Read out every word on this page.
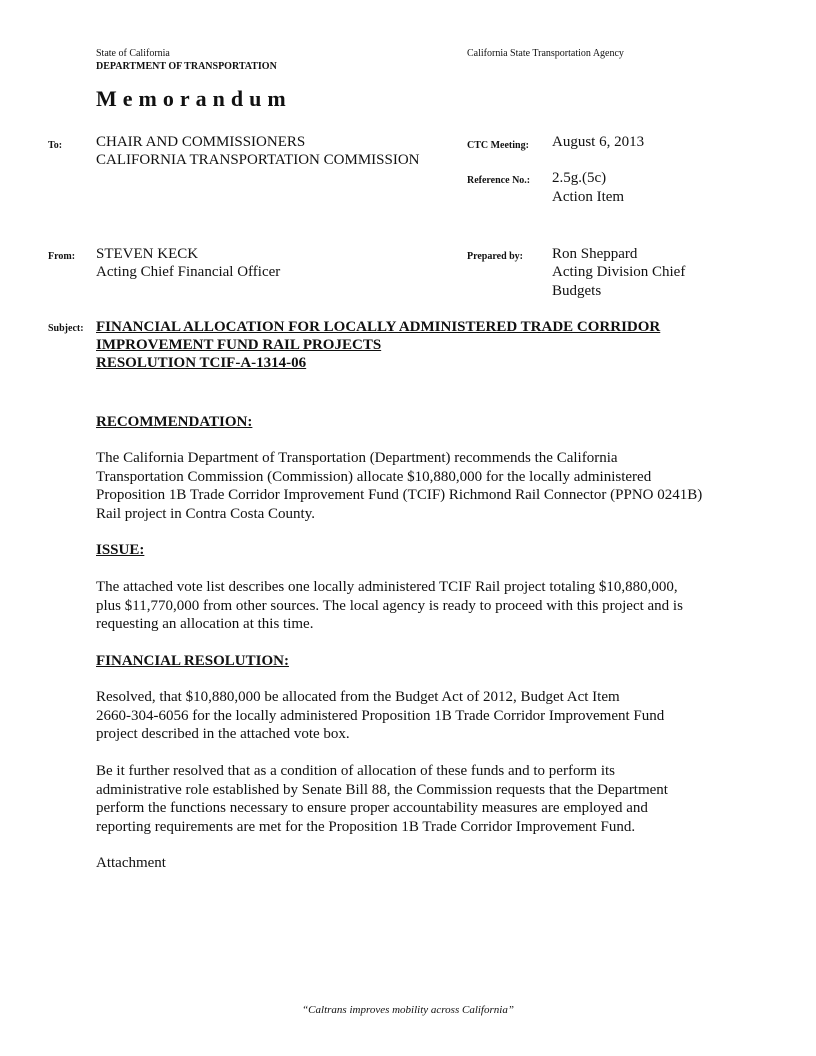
State of California
DEPARTMENT OF TRANSPORTATION
California State Transportation Agency
Memorandum
To: CHAIR AND COMMISSIONERS
CALIFORNIA TRANSPORTATION COMMISSION
CTC Meeting: August 6, 2013
Reference No.: 2.5g.(5c)
Action Item
From: STEVEN KECK
Acting Chief Financial Officer
Prepared by: Ron Sheppard
Acting Division Chief
Budgets
Subject: FINANCIAL ALLOCATION FOR LOCALLY ADMINISTERED TRADE CORRIDOR
IMPROVEMENT FUND RAIL PROJECTS
RESOLUTION TCIF-A-1314-06
RECOMMENDATION:
The California Department of Transportation (Department) recommends the California
Transportation Commission (Commission) allocate $10,880,000 for the locally administered
Proposition 1B Trade Corridor Improvement Fund (TCIF) Richmond Rail Connector (PPNO 0241B)
Rail project in Contra Costa County.
ISSUE:
The attached vote list describes one locally administered TCIF Rail project totaling $10,880,000,
plus $11,770,000 from other sources. The local agency is ready to proceed with this project and is
requesting an allocation at this time.
FINANCIAL RESOLUTION:
Resolved, that $10,880,000 be allocated from the Budget Act of 2012, Budget Act Item
2660-304-6056 for the locally administered Proposition 1B Trade Corridor Improvement Fund
project described in the attached vote box.
Be it further resolved that as a condition of allocation of these funds and to perform its
administrative role established by Senate Bill 88, the Commission requests that the Department
perform the functions necessary to ensure proper accountability measures are employed and
reporting requirements are met for the Proposition 1B Trade Corridor Improvement Fund.
Attachment
“Caltrans improves mobility across California”
